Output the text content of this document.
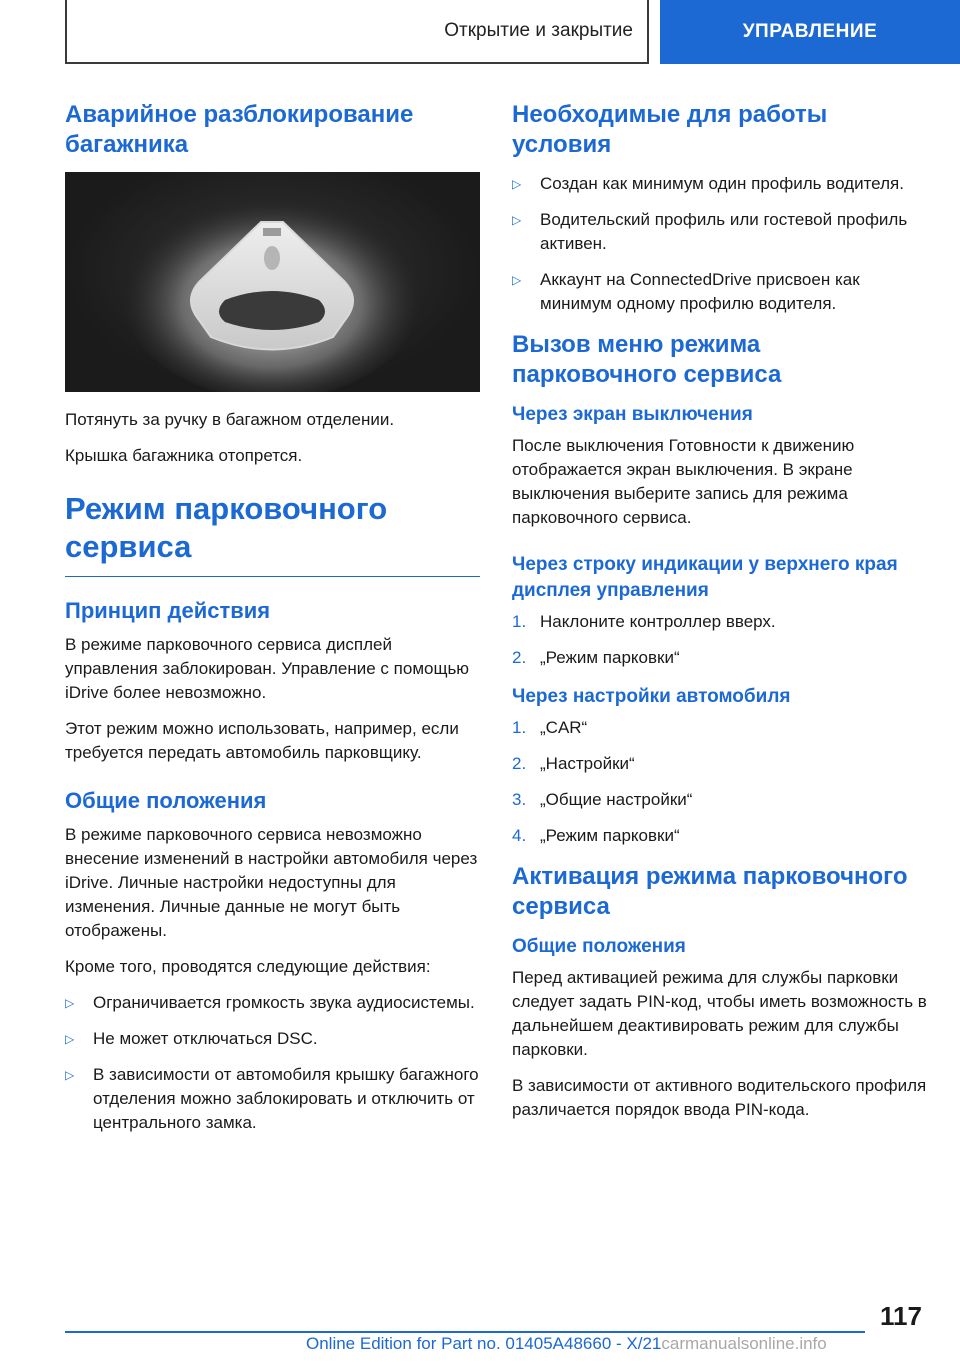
Открытие и закрытие	УПРАВЛЕНИЕ
Аварийное разблокирование багажника

Потянуть за ручку в багажном отделении.

Крышка багажника отопрется.

Режим парковочного сервиса
Принцип действия

В режиме парковочного сервиса дисплей управления заблокирован. Управление с помощью iDrive более невозможно.

Этот режим можно использовать, например, если требуется передать автомобиль парковщику.

Общие положения

В режиме парковочного сервиса невозможно внесение изменений в настройки автомобиля через iDrive. Личные настройки недоступны для изменения. Личные данные не могут быть отображены.

Кроме того, проводятся следующие действия:

▷ Ограничивается громкость звука аудиосистемы.
▷ Не может отключаться DSC.
▷ В зависимости от автомобиля крышку багажного отделения можно заблокировать и отключить от центрального замка.
Необходимые для работы условия
▷ Создан как минимум один профиль водителя.
▷ Водительский профиль или гостевой профиль активен.
▷ Аккаунт на ConnectedDrive присвоен как минимум одному профилю водителя.
Вызов меню режима парковочного сервиса
Через экран выключения

После выключения Готовности к движению отображается экран выключения. В экране выключения выберите запись для режима парковочного сервиса.

Через строку индикации у верхнего края дисплея управления
1. Наклоните контроллер вверх.
2. „Режим парковки“
Через настройки автомобиля
1. „CAR“
2. „Настройки“
3. „Общие настройки“
4. „Режим парковки“
Активация режима парковочного сервиса
Общие положения

Перед активацией режима для службы парковки следует задать PIN-код, чтобы иметь возможность в дальнейшем деактивировать режим для службы парковки.

В зависимости от активного водительского профиля различается порядок ввода PIN-кода.

117
Online Edition for Part no. 01405A48660 - X/21carmanualsonline.info
